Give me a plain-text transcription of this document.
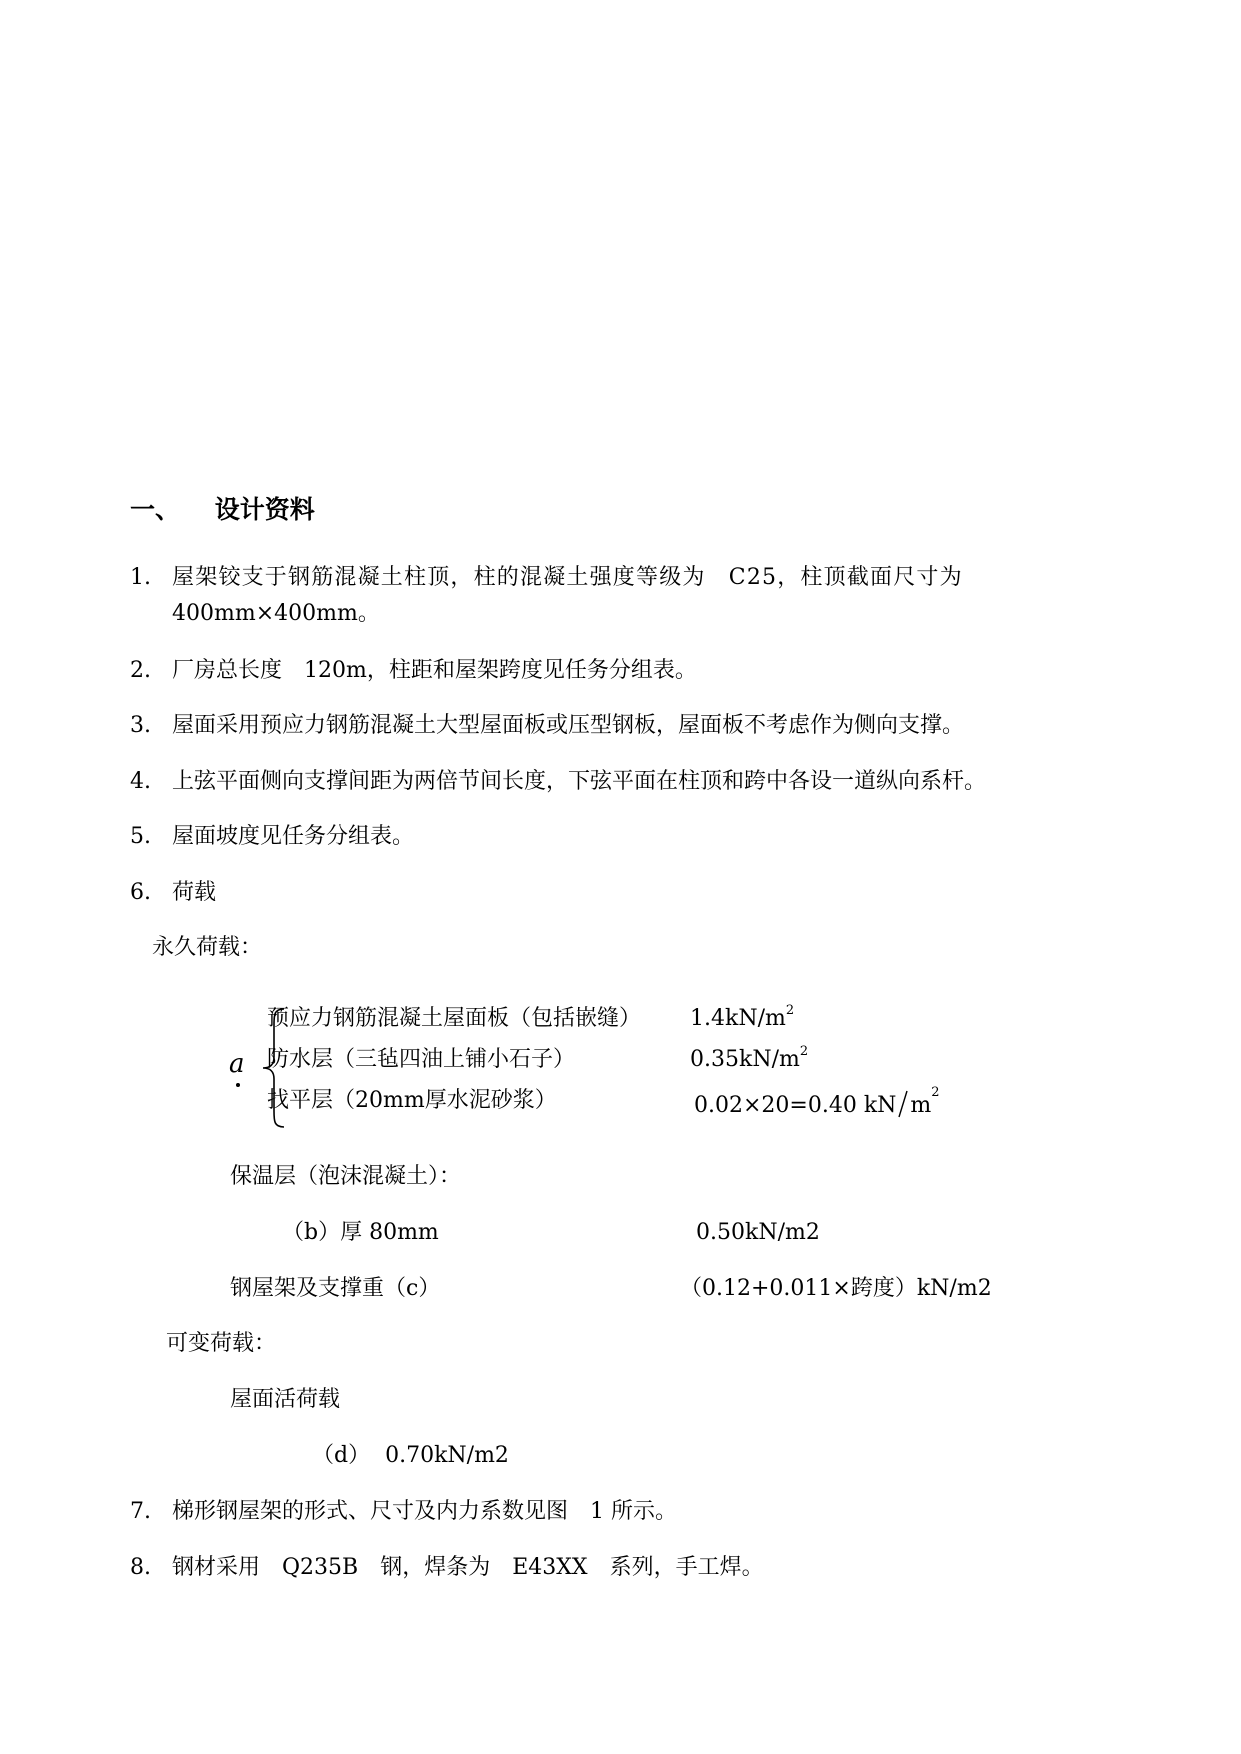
一、 设计资料
1. 屋架铰支于钢筋混凝土柱顶，柱的混凝土强度等级为　C25，柱顶截面尺寸为
400mm×400mm。
2. 厂房总长度　120m，柱距和屋架跨度见任务分组表。
3. 屋面采用预应力钢筋混凝土大型屋面板或压型钢板，屋面板不考虑作为侧向支撑。
4. 上弦平面侧向支撑间距为两倍节间长度，下弦平面在柱顶和跨中各设一道纵向系杆。
5. 屋面坡度见任务分组表。
6. 荷载
永久荷载：
a
预应力钢筋混凝土屋面板（包括嵌缝） $1.4kN/m^2$
防水层（三毡四油上铺小石子）	$0.35kN/m^2$
找平层（20mm厚水泥砂浆）	0.02×20=0.40 kN $m^2$
保温层（泡沫混凝土）：
（b）厚 80mm	0.50kN/m2
钢屋架及支撑重（c）	（0.12+0.011×跨度）kN/m2
可变荷载：
屋面活荷载
（d） 0.70kN/m2
7. 梯形钢屋架的形式、尺寸及内力系数见图　1 所示。
8. 钢材采用　Q235B　钢，焊条为　E43XX　系列，手工焊。
